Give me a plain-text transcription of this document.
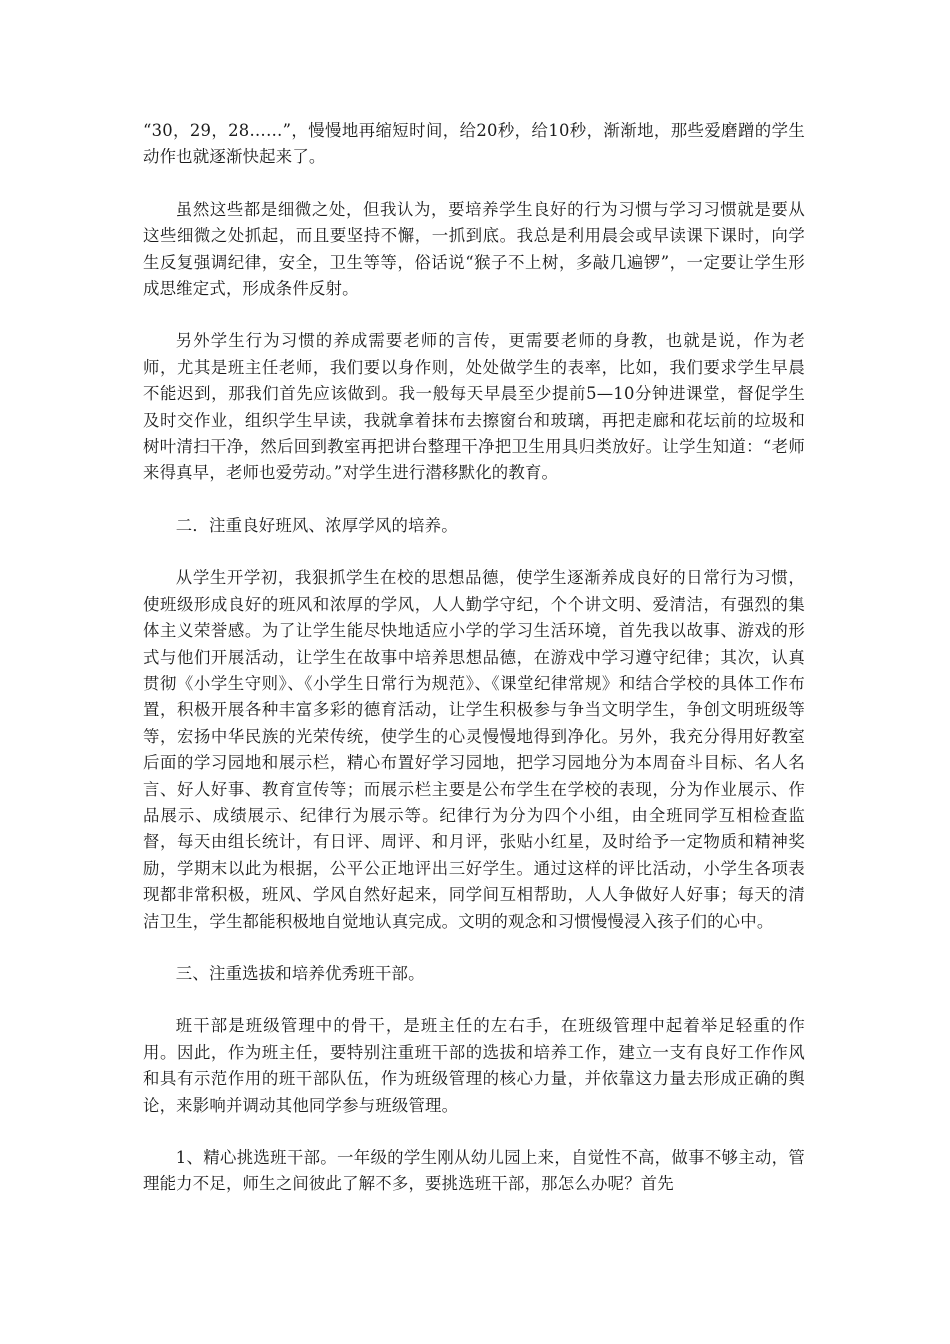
“30，29，28……”，慢慢地再缩短时间，给20秒，给10秒，渐渐地，那些爱磨蹭的学生动作也就逐渐快起来了。

虽然这些都是细微之处，但我认为，要培养学生良好的行为习惯与学习习惯就是要从这些细微之处抓起，而且要坚持不懈，一抓到底。我总是利用晨会或早读课下课时，向学生反复强调纪律，安全，卫生等等，俗话说“猴子不上树，多敲几遍锣”，一定要让学生形成思维定式，形成条件反射。

另外学生行为习惯的养成需要老师的言传，更需要老师的身教，也就是说，作为老师，尤其是班主任老师，我们要以身作则，处处做学生的表率，比如，我们要求学生早晨不能迟到，那我们首先应该做到。我一般每天早晨至少提前5—10分钟进课堂，督促学生及时交作业，组织学生早读，我就拿着抹布去擦窗台和玻璃，再把走廊和花坛前的垃圾和树叶清扫干净，然后回到教室再把讲台整理干净把卫生用具归类放好。让学生知道：“老师来得真早，老师也爱劳动。”对学生进行潜移默化的教育。

二．注重良好班风、浓厚学风的培养。

从学生开学初，我狠抓学生在校的思想品德，使学生逐渐养成良好的日常行为习惯，使班级形成良好的班风和浓厚的学风，人人勤学守纪，个个讲文明、爱清洁，有强烈的集体主义荣誉感。为了让学生能尽快地适应小学的学习生活环境，首先我以故事、游戏的形式与他们开展活动，让学生在故事中培养思想品德，在游戏中学习遵守纪律；其次，认真贯彻《小学生守则》、《小学生日常行为规范》、《课堂纪律常规》和结合学校的具体工作布置，积极开展各种丰富多彩的德育活动，让学生积极参与争当文明学生，争创文明班级等等，宏扬中华民族的光荣传统，使学生的心灵慢慢地得到净化。另外，我充分得用好教室后面的学习园地和展示栏，精心布置好学习园地，把学习园地分为本周奋斗目标、名人名言、好人好事、教育宣传等；而展示栏主要是公布学生在学校的表现，分为作业展示、作品展示、成绩展示、纪律行为展示等。纪律行为分为四个小组，由全班同学互相检查监督，每天由组长统计，有日评、周评、和月评，张贴小红星，及时给予一定物质和精神奖励，学期末以此为根据，公平公正地评出三好学生。通过这样的评比活动，小学生各项表现都非常积极，班风、学风自然好起来，同学间互相帮助，人人争做好人好事；每天的清洁卫生，学生都能积极地自觉地认真完成。文明的观念和习惯慢慢浸入孩子们的心中。

三、注重选拔和培养优秀班干部。

班干部是班级管理中的骨干，是班主任的左右手，在班级管理中起着举足轻重的作用。因此，作为班主任，要特别注重班干部的选拔和培养工作，建立一支有良好工作作风和具有示范作用的班干部队伍，作为班级管理的核心力量，并依靠这力量去形成正确的舆论，来影响并调动其他同学参与班级管理。

1、精心挑选班干部。一年级的学生刚从幼儿园上来，自觉性不高，做事不够主动，管理能力不足，师生之间彼此了解不多，要挑选班干部，那怎么办呢？首先
